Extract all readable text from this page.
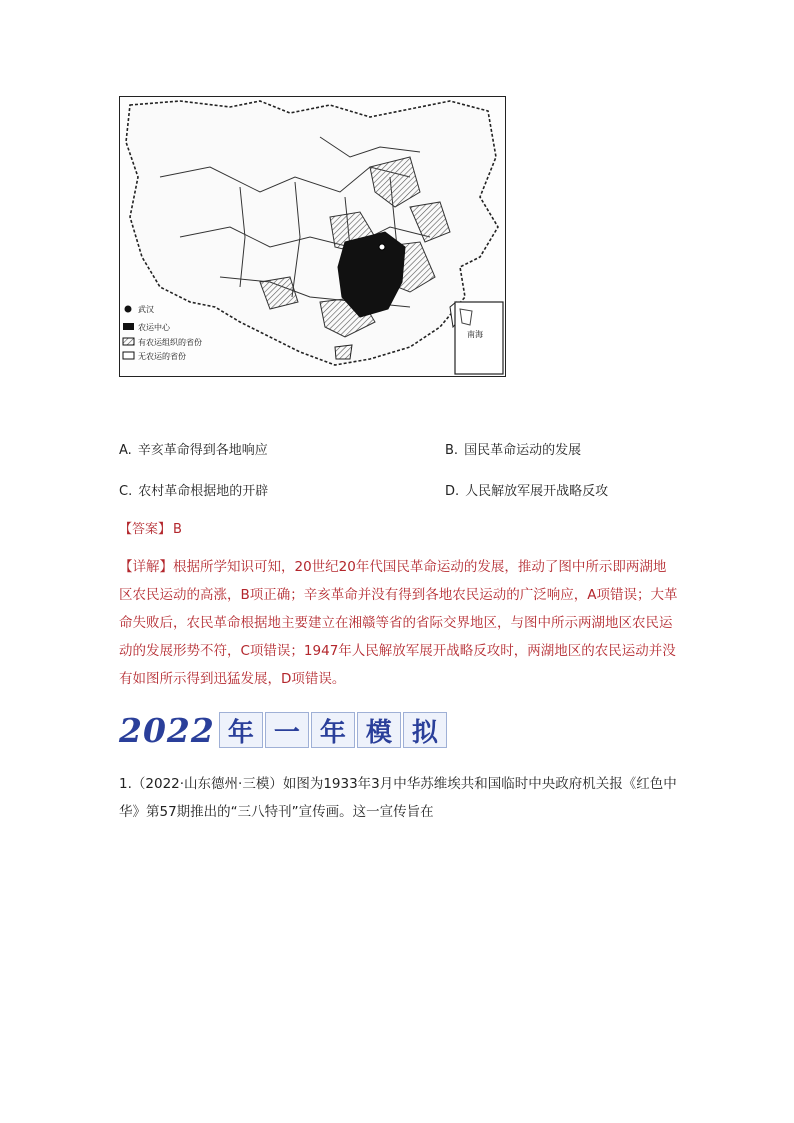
南海
武汉
农运中心
有农运组织的省份
无农运的省份
A. 辛亥革命得到各地响应	B. 国民革命运动的发展
C. 农村革命根据地的开辟	D. 人民解放军展开战略反攻
【答案】 B
【详解】根据所学知识可知，20世纪20年代国民革命运动的发展，推动了图中所示即两湖地区农民运动的高涨，B项正确；辛亥革命并没有得到各地农民运动的广泛响应，A项错误；大革命失败后，农民革命根据地主要建立在湘赣等省的省际交界地区，与图中所示两湖地区农民运动的发展形势不符，C项错误；1947年人民解放军展开战略反攻时，两湖地区的农民运动并没有如图所示得到迅猛发展，D项错误。
2022 年 一 年 模 拟
1.（2022·山东德州·三模）如图为1933年3月中华苏维埃共和国临时中央政府机关报《红色中华》第57期推出的“三八特刊”宣传画。这一宣传旨在
